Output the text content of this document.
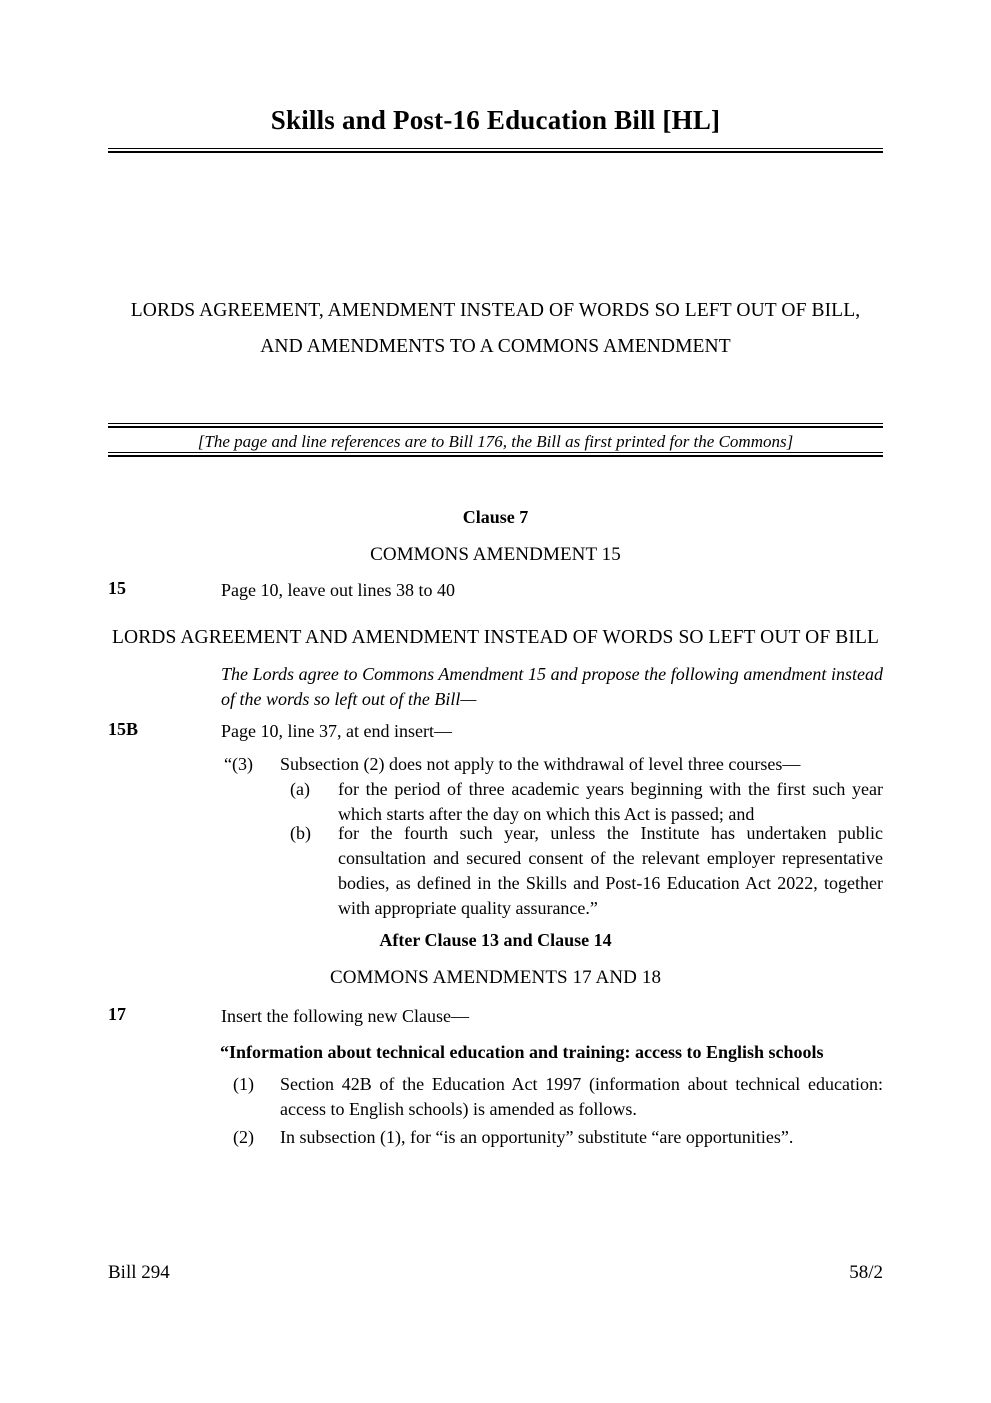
Skills and Post-16 Education Bill [HL]
LORDS AGREEMENT, AMENDMENT INSTEAD OF WORDS SO LEFT OUT OF BILL,
AND AMENDMENTS TO A COMMONS AMENDMENT
[The page and line references are to Bill 176, the Bill as first printed for the Commons]
Clause 7
COMMONS AMENDMENT 15
15	Page 10, leave out lines 38 to 40
LORDS AGREEMENT AND AMENDMENT INSTEAD OF WORDS SO LEFT OUT OF BILL
The Lords agree to Commons Amendment 15 and propose the following amendment instead of the words so left out of the Bill—
15B	Page 10, line 37, at end insert—
“(3) Subsection (2) does not apply to the withdrawal of level three courses—
(a) for the period of three academic years beginning with the first such year which starts after the day on which this Act is passed; and
(b) for the fourth such year, unless the Institute has undertaken public consultation and secured consent of the relevant employer representative bodies, as defined in the Skills and Post-16 Education Act 2022, together with appropriate quality assurance.”
After Clause 13 and Clause 14
COMMONS AMENDMENTS 17 AND 18
17	Insert the following new Clause—
“Information about technical education and training: access to English schools
(1) Section 42B of the Education Act 1997 (information about technical education: access to English schools) is amended as follows.
(2) In subsection (1), for “is an opportunity” substitute “are opportunities”.
Bill 294	58/2
